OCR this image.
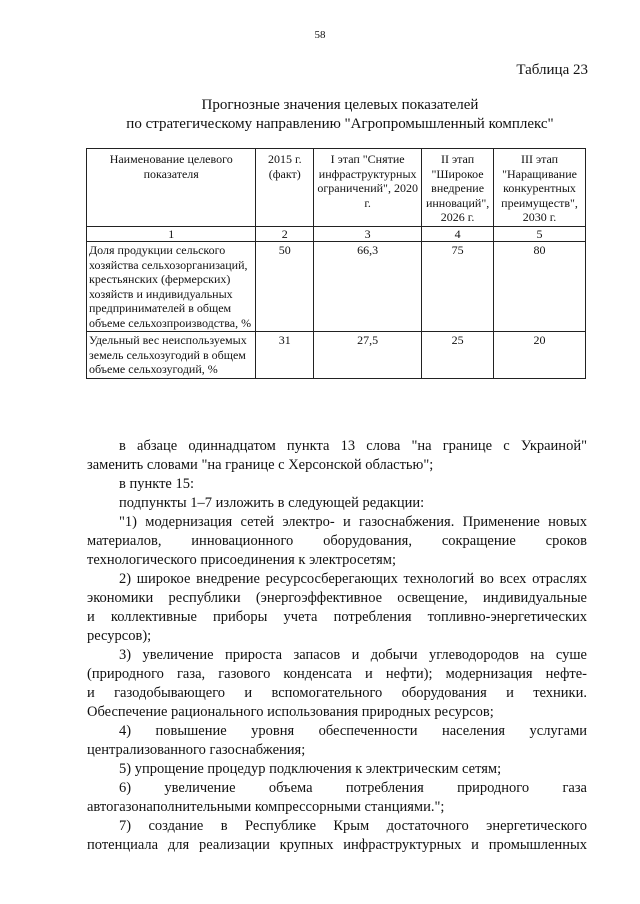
58
Таблица 23
Прогнозные значения целевых показателей
по стратегическому направлению "Агропромышленный комплекс"
Наименование целевого показателя	2015 г. (факт)	I этап "Снятие инфраструктурных ограничений", 2020 г.	II этап "Широкое внедрение инноваций", 2026 г.	III этап "Наращивание конкурентных преимуществ", 2030 г.
1	2	3	4	5
Доля продукции сельского хозяйства сельхозорганизаций, крестьянских (фермерских) хозяйств и индивидуальных предпринимателей в общем объеме сельхозпроизводства, %	50	66,3	75	80
Удельный вес неиспользуемых земель сельхозугодий в общем объеме сельхозугодий, %	31	27,5	25	20

в абзаце одиннадцатом пункта 13 слова "на границе с Украиной"

заменить словами "на границе с Херсонской областью";

в пункте 15:

подпункты 1–7 изложить в следующей редакции:

"1) модернизация сетей электро- и газоснабжения. Применение новых

материалов, инновационного оборудования, сокращение сроков

технологического присоединения к электросетям;

2) широкое внедрение ресурсосберегающих технологий во всех отраслях

экономики республики (энергоэффективное освещение, индивидуальные

и коллективные приборы учета потребления топливно-энергетических

ресурсов);

3) увеличение прироста запасов и добычи углеводородов на суше

(природного газа, газового конденсата и нефти); модернизация нефте-

и газодобывающего и вспомогательного оборудования и техники.

Обеспечение рационального использования природных ресурсов;

4) повышение уровня обеспеченности населения услугами

централизованного газоснабжения;

5) упрощение процедур подключения к электрическим сетям;

6) увеличение объема потребления природного газа

автогазонаполнительными компрессорными станциями.";

7) создание в Республике Крым достаточного энергетического

потенциала для реализации крупных инфраструктурных и промышленных
